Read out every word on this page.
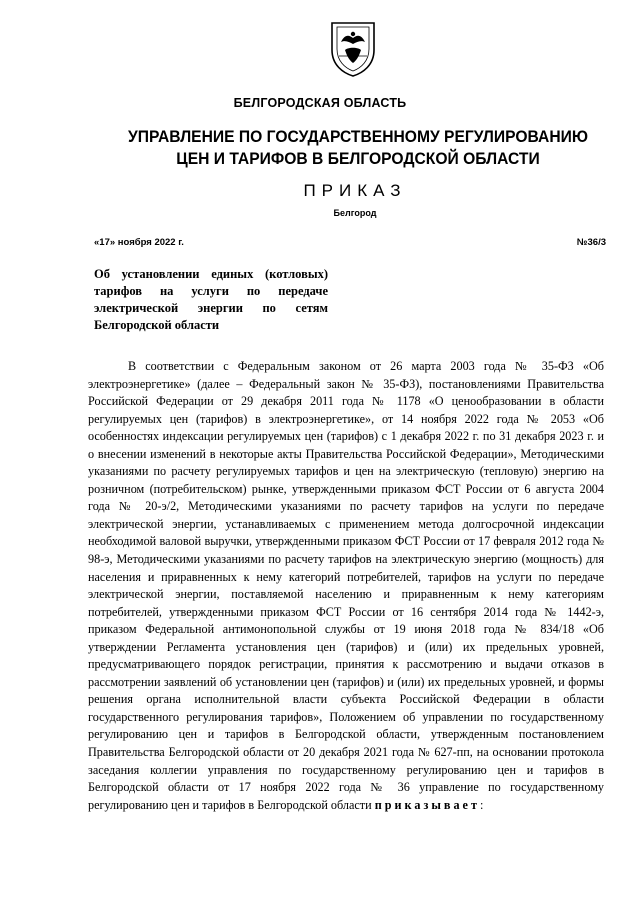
БЕЛГОРОДСКАЯ ОБЛАСТЬ
УПРАВЛЕНИЕ ПО ГОСУДАРСТВЕННОМУ РЕГУЛИРОВАНИЮ
ЦЕН И ТАРИФОВ В БЕЛГОРОДСКОЙ ОБЛАСТИ
ПРИКАЗ
Белгород
«17» ноября 2022 г.	№36/3
Об установлении единых (котловых) тарифов на услуги по передаче электрической энергии по сетям Белгородской области

В соответствии с Федеральным законом от 26 марта 2003 года № 35-ФЗ «Об электроэнергетике» (далее – Федеральный закон № 35-ФЗ), постановлениями Правительства Российской Федерации от 29 декабря 2011 года № 1178 «О ценообразовании в области регулируемых цен (тарифов) в электроэнергетике», от 14 ноября 2022 года № 2053 «Об особенностях индексации регулируемых цен (тарифов) с 1 декабря 2022 г. по 31 декабря 2023 г. и о внесении изменений в некоторые акты Правительства Российской Федерации», Методическими указаниями по расчету регулируемых тарифов и цен на электрическую (тепловую) энергию на розничном (потребительском) рынке, утвержденными приказом ФСТ России от 6 августа 2004 года № 20-э/2, Методическими указаниями по расчету тарифов на услуги по передаче электрической энергии, устанавливаемых с применением метода долгосрочной индексации необходимой валовой выручки, утвержденными приказом ФСТ России от 17 февраля 2012 года № 98-э, Методическими указаниями по расчету тарифов на электрическую энергию (мощность) для населения и приравненных к нему категорий потребителей, тарифов на услуги по передаче электрической энергии, поставляемой населению и приравненным к нему категориям потребителей, утвержденными приказом ФСТ России от 16 сентября 2014 года № 1442-э, приказом Федеральной антимонопольной службы от 19 июня 2018 года № 834/18 «Об утверждении Регламента установления цен (тарифов) и (или) их предельных уровней, предусматривающего порядок регистрации, принятия к рассмотрению и выдачи отказов в рассмотрении заявлений об установлении цен (тарифов) и (или) их предельных уровней, и формы решения органа исполнительной власти субъекта Российской Федерации в области государственного регулирования тарифов», Положением об управлении по государственному регулированию цен и тарифов в Белгородской области, утвержденным постановлением Правительства Белгородской области от 20 декабря 2021 года № 627-пп, на основании протокола заседания коллегии управления по государственному регулированию цен и тарифов в Белгородской области от 17 ноября 2022 года № 36 управление по государственному регулированию цен и тарифов в Белгородской области приказывает:
